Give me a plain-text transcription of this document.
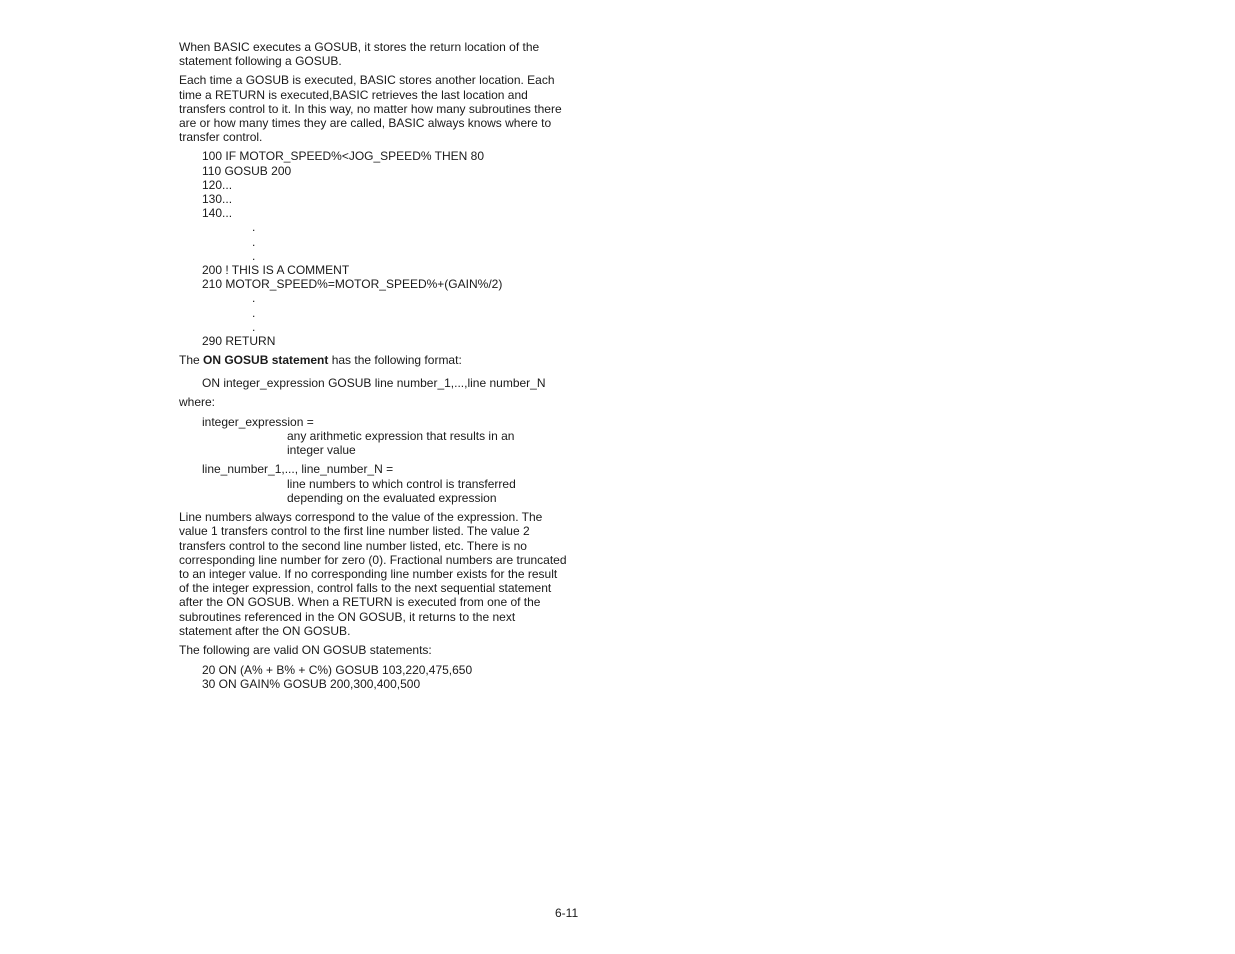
When BASIC executes a GOSUB, it stores the return location of the statement following a GOSUB.

Each time a GOSUB is executed, BASIC stores another location. Each time a RETURN is executed,BASIC retrieves the last location and transfers control to it. In this way, no matter how many subroutines there are or how many times they are called, BASIC always knows where to transfer control.

100 IF MOTOR_SPEED%<JOG_SPEED% THEN 80
110 GOSUB 200
120...
130...
140...
.
.
.
200 ! THIS IS A COMMENT
210 MOTOR_SPEED%=MOTOR_SPEED%+(GAIN%/2)
.
.
.
290 RETURN

The ON GOSUB statement has the following format:

ON integer_expression GOSUB line number_1,...,line number_N

where:

integer_expression =
any arithmetic expression that results in an
integer value
line_number_1,..., line_number_N =
line numbers to which control is transferred
depending on the evaluated expression

Line numbers always correspond to the value of the expression. The value 1 transfers control to the first line number listed. The value 2 transfers control to the second line number listed, etc. There is no corresponding line number for zero (0). Fractional numbers are truncated to an integer value. If no corresponding line number exists for the result of the integer expression, control falls to the next sequential statement after the ON GOSUB. When a RETURN is executed from one of the subroutines referenced in the ON GOSUB, it returns to the next statement after the ON GOSUB.

The following are valid ON GOSUB statements:

20 ON (A% + B% + C%) GOSUB 103,220,475,650
30 ON GAIN% GOSUB 200,300,400,500
6-11
